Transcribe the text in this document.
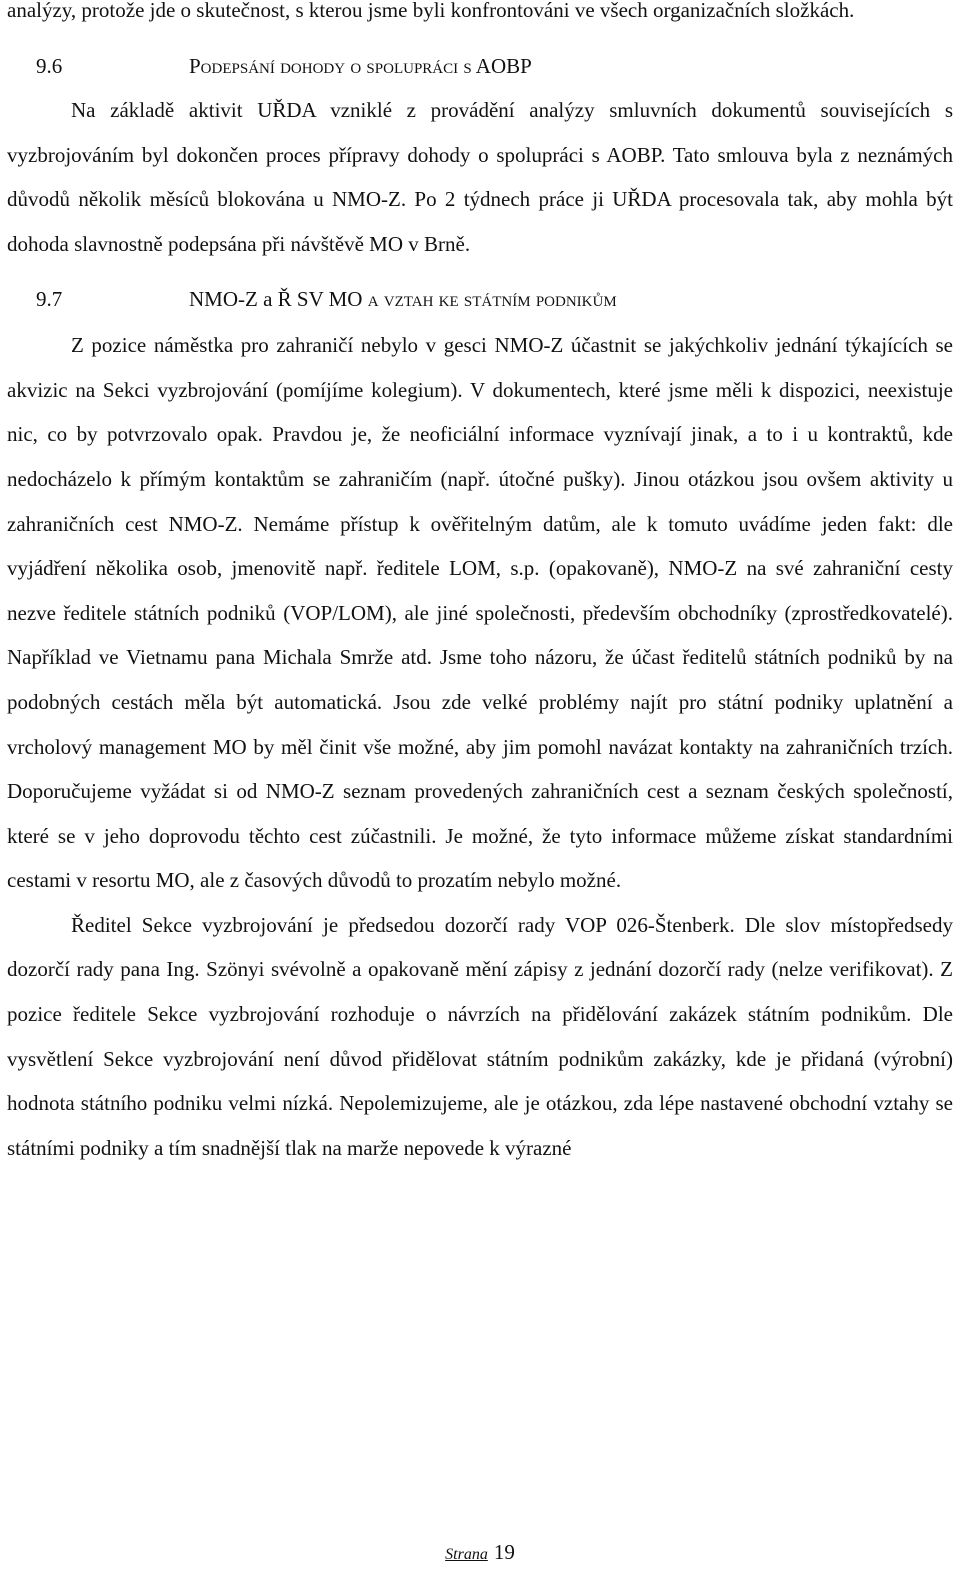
analýzy, protože jde o skutečnost, s kterou jsme byli konfrontováni ve všech organizačních složkách.

9.6	Podepsání dohody o spolupráci s AOBP

Na základě aktivit UŘDA vzniklé z provádění analýzy smluvních dokumentů souvisejících s vyzbrojováním byl dokončen proces přípravy dohody o spolupráci s AOBP. Tato smlouva byla z neznámých důvodů několik měsíců blokována u NMO-Z. Po 2 týdnech práce ji UŘDA procesovala tak, aby mohla být dohoda slavnostně podepsána při návštěvě MO v Brně.

9.7	NMO-Z a Ř SV MO a vztah ke státním podnikům

Z pozice náměstka pro zahraničí nebylo v gesci NMO-Z účastnit se jakýchkoliv jednání týkajících se akvizic na Sekci vyzbrojování (pomíjíme kolegium). V dokumentech, které jsme měli k dispozici, neexistuje nic, co by potvrzovalo opak. Pravdou je, že neoficiální informace vyznívají jinak, a to i u kontraktů, kde nedocházelo k přímým kontaktům se zahraničím (např. útočné pušky). Jinou otázkou jsou ovšem aktivity u zahraničních cest NMO-Z. Nemáme přístup k ověřitelným datům, ale k tomuto uvádíme jeden fakt: dle vyjádření několika osob, jmenovitě např. ředitele LOM, s.p. (opakovaně), NMO-Z na své zahraniční cesty nezve ředitele státních podniků (VOP/LOM), ale jiné společnosti, především obchodníky (zprostředkovatelé). Například ve Vietnamu pana Michala Smrže atd. Jsme toho názoru, že účast ředitelů státních podniků by na podobných cestách měla být automatická. Jsou zde velké problémy najít pro státní podniky uplatnění a vrcholový management MO by měl činit vše možné, aby jim pomohl navázat kontakty na zahraničních trzích. Doporučujeme vyžádat si od NMO-Z seznam provedených zahraničních cest a seznam českých společností, které se v jeho doprovodu těchto cest zúčastnili. Je možné, že tyto informace můžeme získat standardními cestami v resortu MO, ale z časových důvodů to prozatím nebylo možné.

Ředitel Sekce vyzbrojování je předsedou dozorčí rady VOP 026-Štenberk. Dle slov místopředsedy dozorčí rady pana Ing. Szönyi svévolně a opakovaně mění zápisy z jednání dozorčí rady (nelze verifikovat). Z pozice ředitele Sekce vyzbrojování rozhoduje o návrzích na přidělování zakázek státním podnikům. Dle vysvětlení Sekce vyzbrojování není důvod přidělovat státním podnikům zakázky, kde je přidaná (výrobní) hodnota státního podniku velmi nízká. Nepolemizujeme, ale je otázkou, zda lépe nastavené obchodní vztahy se státními podniky a tím snadnější tlak na marže nepovede k výrazné

Strana 19
